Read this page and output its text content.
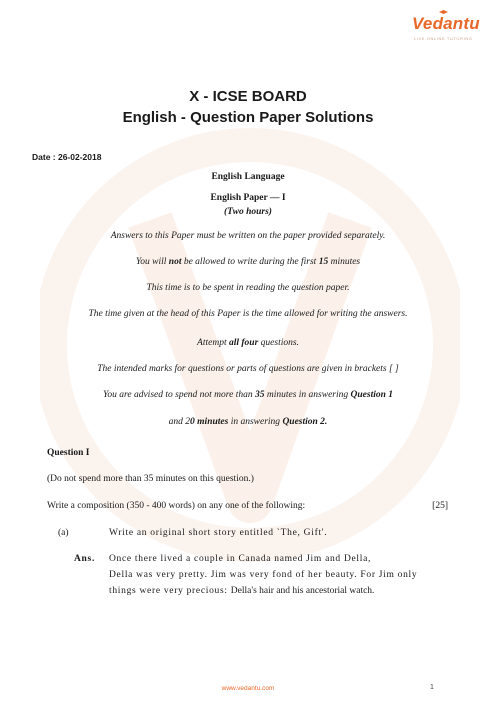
Vedantu
LIVE ONLINE TUTORING
X - ICSE BOARD
English - Question Paper Solutions
Date : 26-02-2018
English Language
English Paper — I
(Two hours)
Answers to this Paper must be written on the paper provided separately.
You will not be allowed to write during the first 15 minutes
This time is to be spent in reading the question paper.
The time given at the head of this Paper is the time allowed for writing the answers.
Attempt all four questions.
The intended marks for questions or parts of questions are given in brackets [ ]
You are advised to spend not more than 35 minutes in answering Question 1
and 20 minutes in answering Question 2.
Question I
(Do not spend more than 35 minutes on this question.)
Write a composition (350 - 400 words) on any one of the following:	[25]
(a)	Write an original short story entitled `The, Gift'.
Ans. Once there lived a couple in Canada named Jim and Della,
Della was very pretty. Jim was very fond of her beauty. For Jim only
things were very precious: Della's hair and his ancestorial watch.
www.vedantu.com	1
